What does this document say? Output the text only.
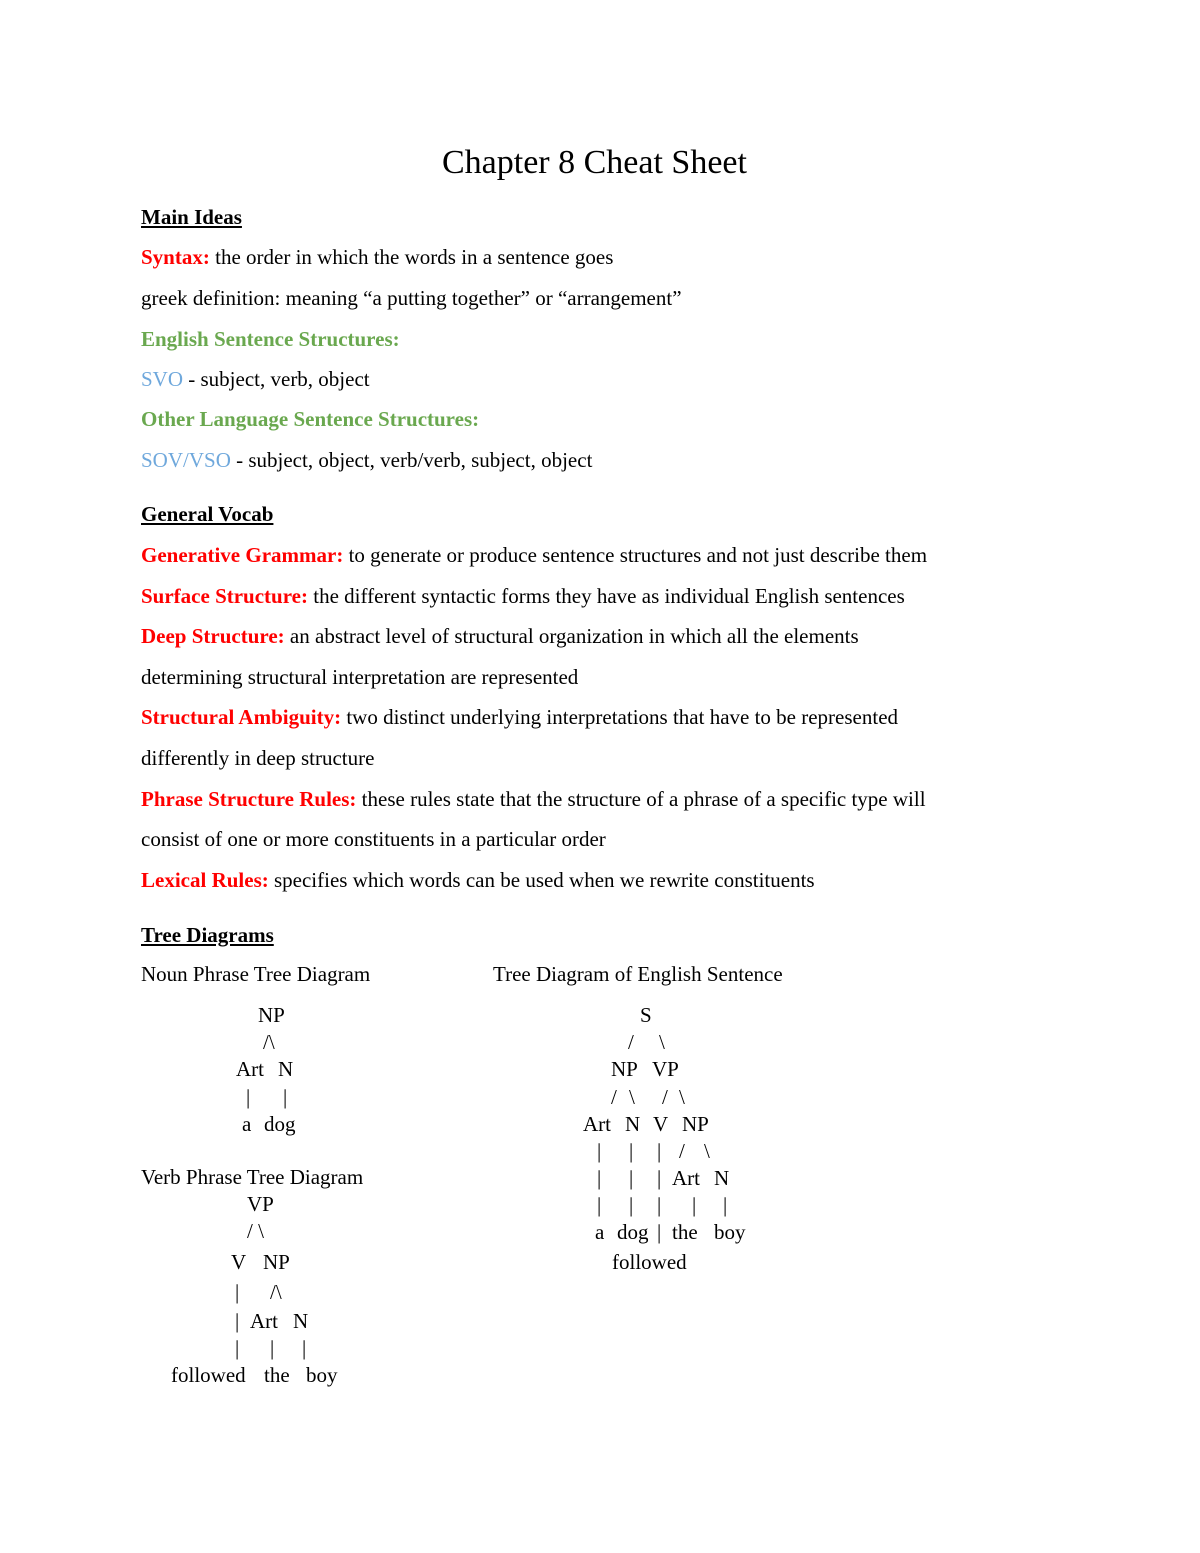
Chapter 8 Cheat Sheet
Main Ideas
Syntax: the order in which the words in a sentence goes
greek definition: meaning “a putting together” or “arrangement”
English Sentence Structures:
SVO - subject, verb, object
Other Language Sentence Structures:
SOV/VSO - subject, object, verb/verb, subject, object
General Vocab
Generative Grammar: to generate or produce sentence structures and not just describe them
Surface Structure: the different syntactic forms they have as individual English sentences
Deep Structure: an abstract level of structural organization in which all the elements
determining structural interpretation are represented
Structural Ambiguity: two distinct underlying interpretations that have to be represented
differently in deep structure
Phrase Structure Rules: these rules state that the structure of a phrase of a specific type will
consist of one or more constituents in a particular order
Lexical Rules: specifies which words can be used when we rewrite constituents
Tree Diagrams
Noun Phrase Tree Diagram	Tree Diagram of English Sentence

NP

/\

Art

N

|

|

a

dog

Verb Phrase Tree Diagram

VP

/ \

V

NP

|

/\

|

Art

N

|

|

|

followed

the

boy

S

/

\

NP

VP

/

\

/

\

Art

N

V

NP

|

|

|

/

\

|

|

|

Art

N

|

|

|

|

|

a

dog

|

the

boy

followed
